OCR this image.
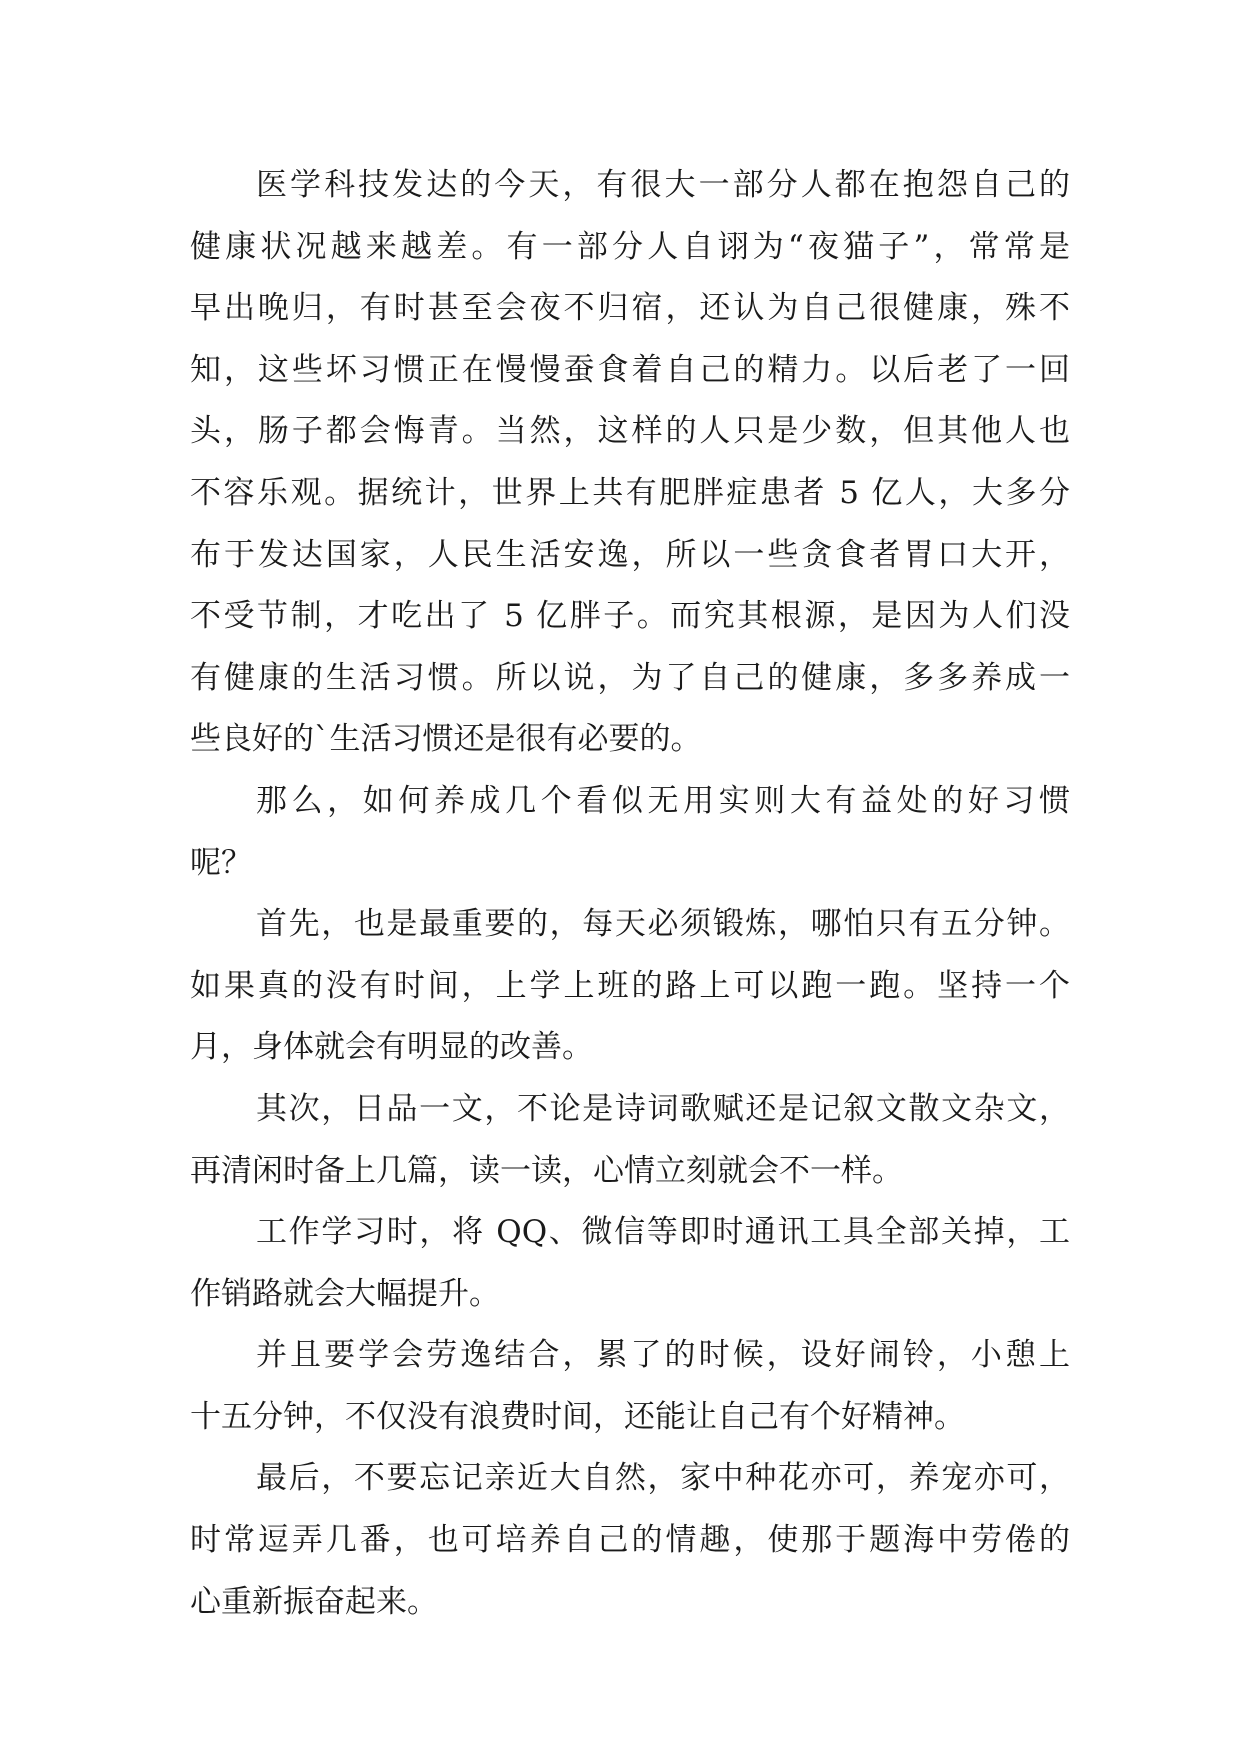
医学科技发达的今天，有很大一部分人都在抱怨自己的
健康状况越来越差。有一部分人自诩为“夜猫子”，常常是
早出晚归，有时甚至会夜不归宿，还认为自己很健康，殊不
知，这些坏习惯正在慢慢蚕食着自己的精力。以后老了一回
头，肠子都会悔青。当然，这样的人只是少数，但其他人也
不容乐观。据统计，世界上共有肥胖症患者 5 亿人，大多分
布于发达国家，人民生活安逸，所以一些贪食者胃口大开，
不受节制，才吃出了 5 亿胖子。而究其根源，是因为人们没
有健康的生活习惯。所以说，为了自己的健康，多多养成一
些良好的`生活习惯还是很有必要的。
那么，如何养成几个看似无用实则大有益处的好习惯
呢？
首先，也是最重要的，每天必须锻炼，哪怕只有五分钟。
如果真的没有时间，上学上班的路上可以跑一跑。坚持一个
月，身体就会有明显的改善。
其次，日品一文，不论是诗词歌赋还是记叙文散文杂文，
再清闲时备上几篇，读一读，心情立刻就会不一样。
工作学习时，将 QQ、微信等即时通讯工具全部关掉，工
作销路就会大幅提升。
并且要学会劳逸结合，累了的时候，设好闹铃，小憩上
十五分钟，不仅没有浪费时间，还能让自己有个好精神。
最后，不要忘记亲近大自然，家中种花亦可，养宠亦可，
时常逗弄几番，也可培养自己的情趣，使那于题海中劳倦的
心重新振奋起来。
